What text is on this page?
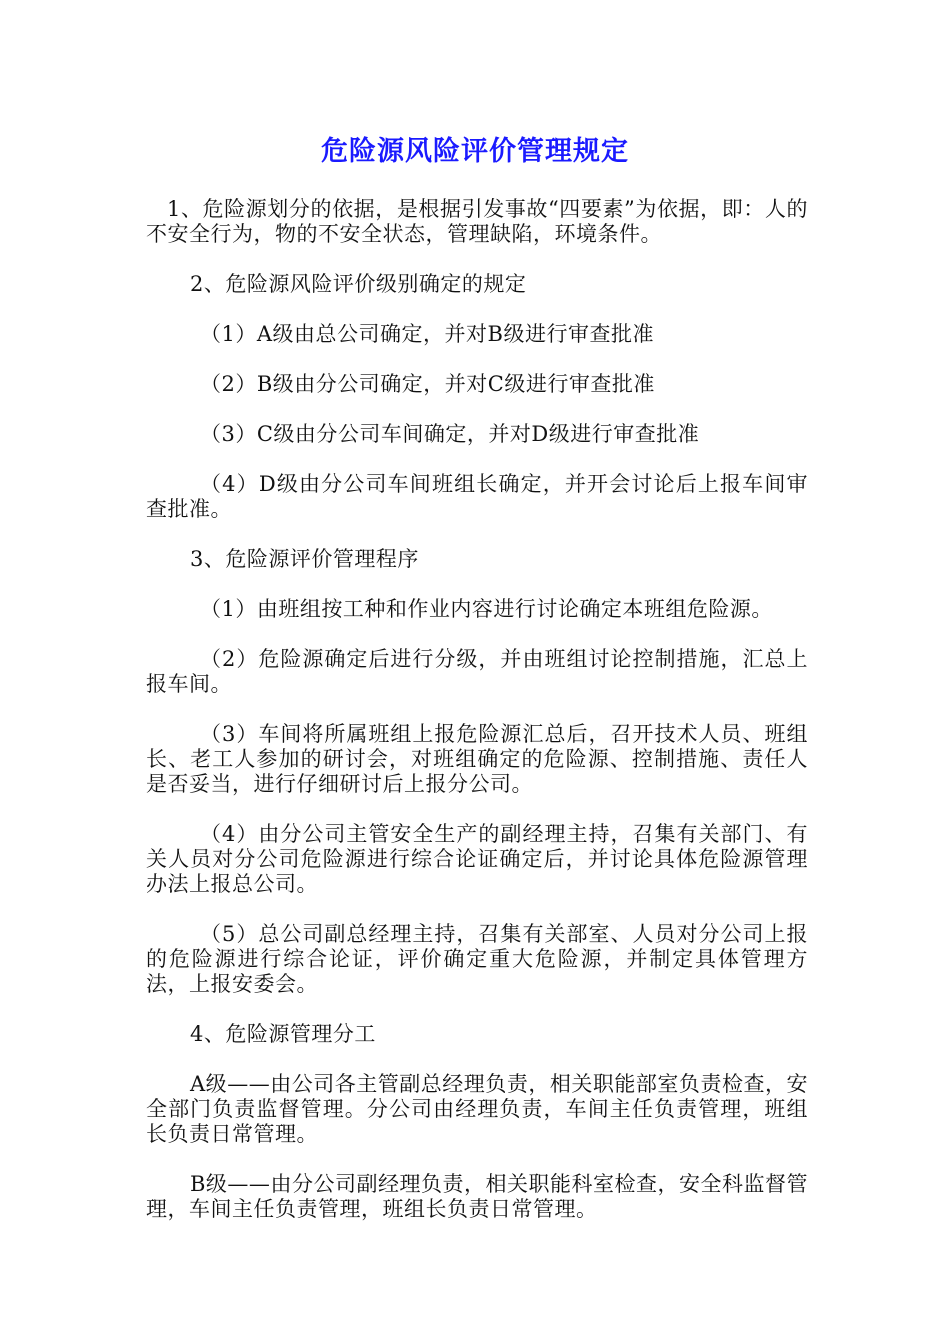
危险源风险评价管理规定

1、危险源划分的依据，是根据引发事故“四要素”为依据，即：人的不安全行为，物的不安全状态，管理缺陷，环境条件。

2、危险源风险评价级别确定的规定

（1）A级由总公司确定，并对B级进行审查批准

（2）B级由分公司确定，并对C级进行审查批准

（3）C级由分公司车间确定，并对D级进行审查批准

（4）D级由分公司车间班组长确定，并开会讨论后上报车间审查批准。

3、危险源评价管理程序

（1）由班组按工种和作业内容进行讨论确定本班组危险源。

（2）危险源确定后进行分级，并由班组讨论控制措施，汇总上报车间。

（3）车间将所属班组上报危险源汇总后，召开技术人员、班组长、老工人参加的研讨会，对班组确定的危险源、控制措施、责任人是否妥当，进行仔细研讨后上报分公司。

（4）由分公司主管安全生产的副经理主持，召集有关部门、有关人员对分公司危险源进行综合论证确定后，并讨论具体危险源管理办法上报总公司。

（5）总公司副总经理主持，召集有关部室、人员对分公司上报的危险源进行综合论证，评价确定重大危险源，并制定具体管理方法，上报安委会。

4、危险源管理分工

A级——由公司各主管副总经理负责，相关职能部室负责检查，安全部门负责监督管理。分公司由经理负责，车间主任负责管理，班组长负责日常管理。

B级——由分公司副经理负责，相关职能科室检查，安全科监督管理，车间主任负责管理，班组长负责日常管理。
